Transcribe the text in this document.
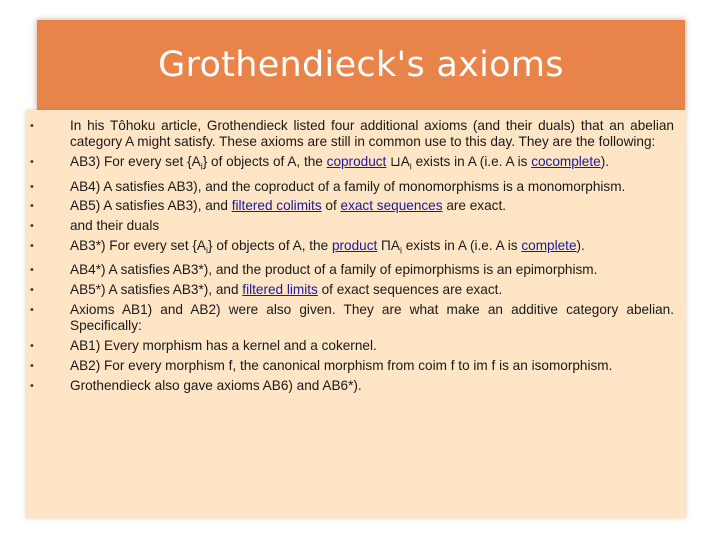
Grothendieck's axioms
•	In his Tôhoku article, Grothendieck listed four additional axioms (and their duals) that an abelian category A might satisfy. These axioms are still in common use to this day. They are the following:
•	AB3) For every set $\{A_i\}$ of objects of A, the coproduct $⊔A_i$ exists in A (i.e. A is cocomplete).
•	AB4) A satisfies AB3), and the coproduct of a family of monomorphisms is a monomorphism.
•	AB5) A satisfies AB3), and filtered colimits of exact sequences are exact.
•	and their duals
•	AB3*) For every set $\{A_i\}$ of objects of A, the product $\Pi A_i$ exists in A (i.e. A is complete).
•	AB4*) A satisfies AB3*), and the product of a family of epimorphisms is an epimorphism.
•	AB5*) A satisfies AB3*), and filtered limits of exact sequences are exact.
•	Axioms AB1) and AB2) were also given. They are what make an additive category abelian. Specifically:
•	AB1) Every morphism has a kernel and a cokernel.
•	AB2) For every morphism f, the canonical morphism from coim f to im f is an isomorphism.
•	Grothendieck also gave axioms AB6) and AB6*).
